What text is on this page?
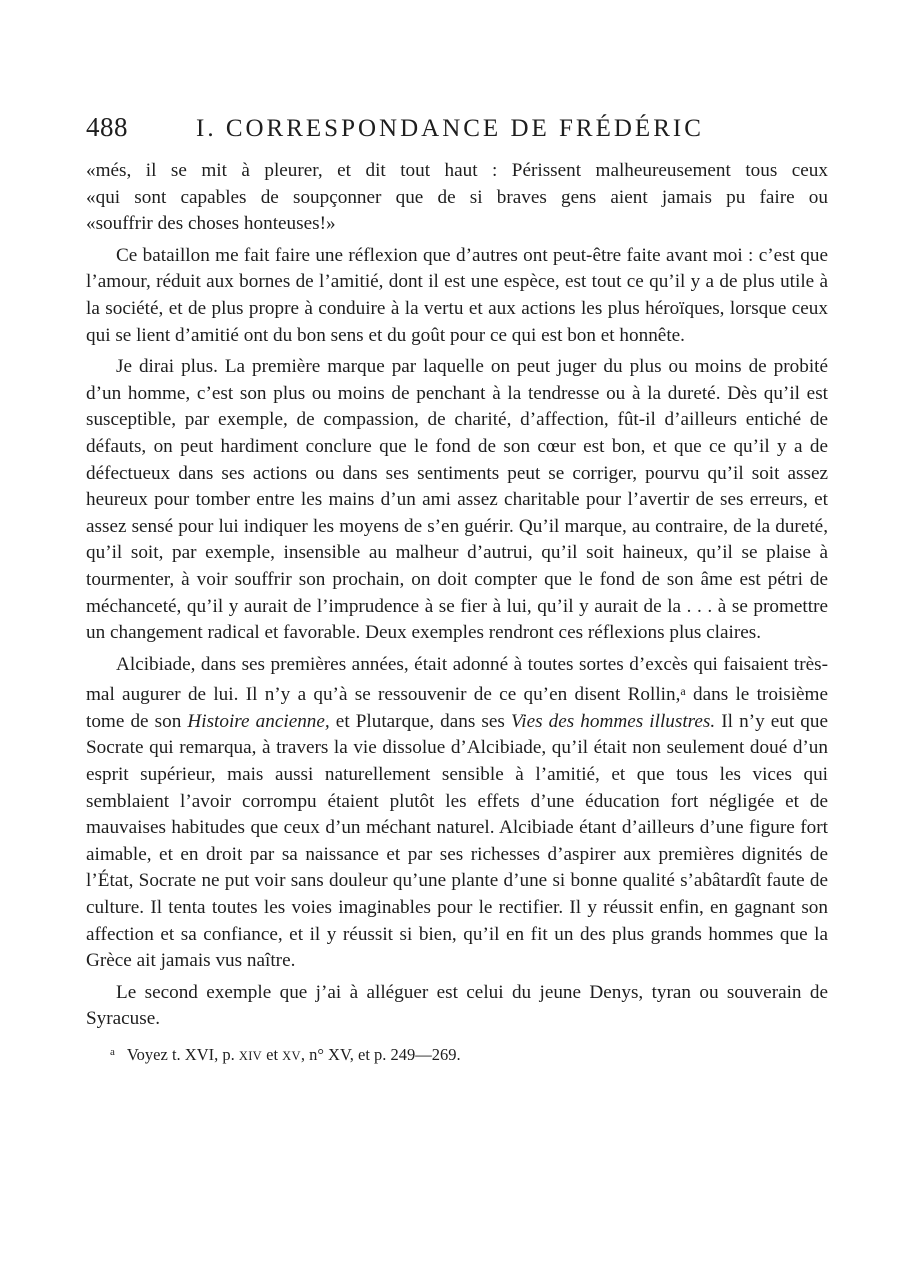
488	I. CORRESPONDANCE DE FRÉDÉRIC
«més, il se mit à pleurer, et dit tout haut : Périssent malheureusement tous ceux
«qui sont capables de soupçonner que de si braves gens aient jamais pu faire ou
«souffrir des choses honteuses!»

Ce bataillon me fait faire une réflexion que d’autres ont peut-être faite avant moi : c’est que l’amour, réduit aux bornes de l’amitié, dont il est une espèce, est tout ce qu’il y a de plus utile à la société, et de plus propre à conduire à la vertu et aux actions les plus héroïques, lorsque ceux qui se lient d’amitié ont du bon sens et du goût pour ce qui est bon et honnête.

Je dirai plus. La première marque par laquelle on peut juger du plus ou moins de probité d’un homme, c’est son plus ou moins de penchant à la tendresse ou à la dureté. Dès qu’il est susceptible, par exemple, de compassion, de charité, d’affection, fût-il d’ailleurs entiché de défauts, on peut hardiment conclure que le fond de son cœur est bon, et que ce qu’il y a de défectueux dans ses actions ou dans ses sentiments peut se corriger, pourvu qu’il soit assez heureux pour tomber entre les mains d’un ami assez charitable pour l’avertir de ses erreurs, et assez sensé pour lui indiquer les moyens de s’en guérir. Qu’il marque, au contraire, de la dureté, qu’il soit, par exemple, insensible au malheur d’autrui, qu’il soit haineux, qu’il se plaise à tourmenter, à voir souffrir son prochain, on doit compter que le fond de son âme est pétri de méchanceté, qu’il y aurait de l’imprudence à se fier à lui, qu’il y aurait de la . . . à se promettre un changement radical et favorable. Deux exemples rendront ces réflexions plus claires.

Alcibiade, dans ses premières années, était adonné à toutes sortes d’excès qui faisaient très-mal augurer de lui. Il n’y a qu’à se ressouvenir de ce qu’en disent Rollin,$^a$ dans le troisième tome de son Histoire ancienne, et Plutarque, dans ses Vies des hommes illustres. Il n’y eut que Socrate qui remarqua, à travers la vie dissolue d’Alcibiade, qu’il était non seulement doué d’un esprit supérieur, mais aussi naturellement sensible à l’amitié, et que tous les vices qui semblaient l’avoir corrompu étaient plutôt les effets d’une éducation fort négligée et de mauvaises habitudes que ceux d’un méchant naturel. Alcibiade étant d’ailleurs d’une figure fort aimable, et en droit par sa naissance et par ses richesses d’aspirer aux premières dignités de l’État, Socrate ne put voir sans douleur qu’une plante d’une si bonne qualité s’abâtardît faute de culture. Il tenta toutes les voies imaginables pour le rectifier. Il y réussit enfin, en gagnant son affection et sa confiance, et il y réussit si bien, qu’il en fit un des plus grands hommes que la Grèce ait jamais vus naître.

Le second exemple que j’ai à alléguer est celui du jeune Denys, tyran ou souverain de Syracuse.

$^a$ Voyez t. XVI, p. XIV et XV, n° XV, et p. 249—269.
